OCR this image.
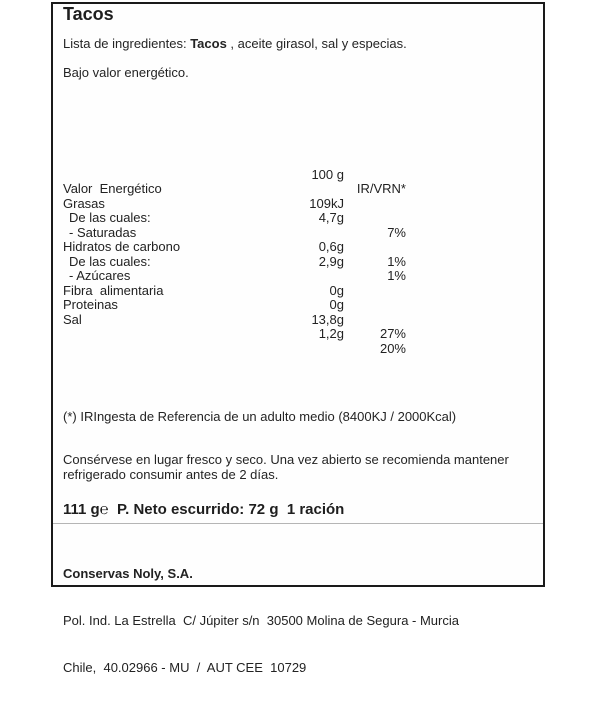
Tacos

Lista de ingredientes: Tacos , aceite girasol, sal y especias.

Bajo valor energético.

100 g

IR/VRN*

Valor  Energético

109kJ

Grasas

4,7g

7%

De las cuales:

- Saturadas

0,6g

1%

Hidratos de carbono

2,9g

1%

De las cuales:

- Azúcares

0g

Fibra  alimentaria

0g

Proteinas

13,8g

27%

Sal

1,2g

20%

(*) IRIngesta de Referencia de un adulto medio (8400KJ / 2000Kcal)

Consérvese en lugar fresco y seco. Una vez abierto se recomienda mantener
refrigerado consumir antes de 2 días.

111 g℮  P. Neto escurrido: 72 g  1 ración

Conservas Noly, S.A.

Pol. Ind. La Estrella  C/ Júpiter s/n  30500 Molina de Segura - Murcia

Chile,  40.02966 - MU  /  AUT CEE  10729
